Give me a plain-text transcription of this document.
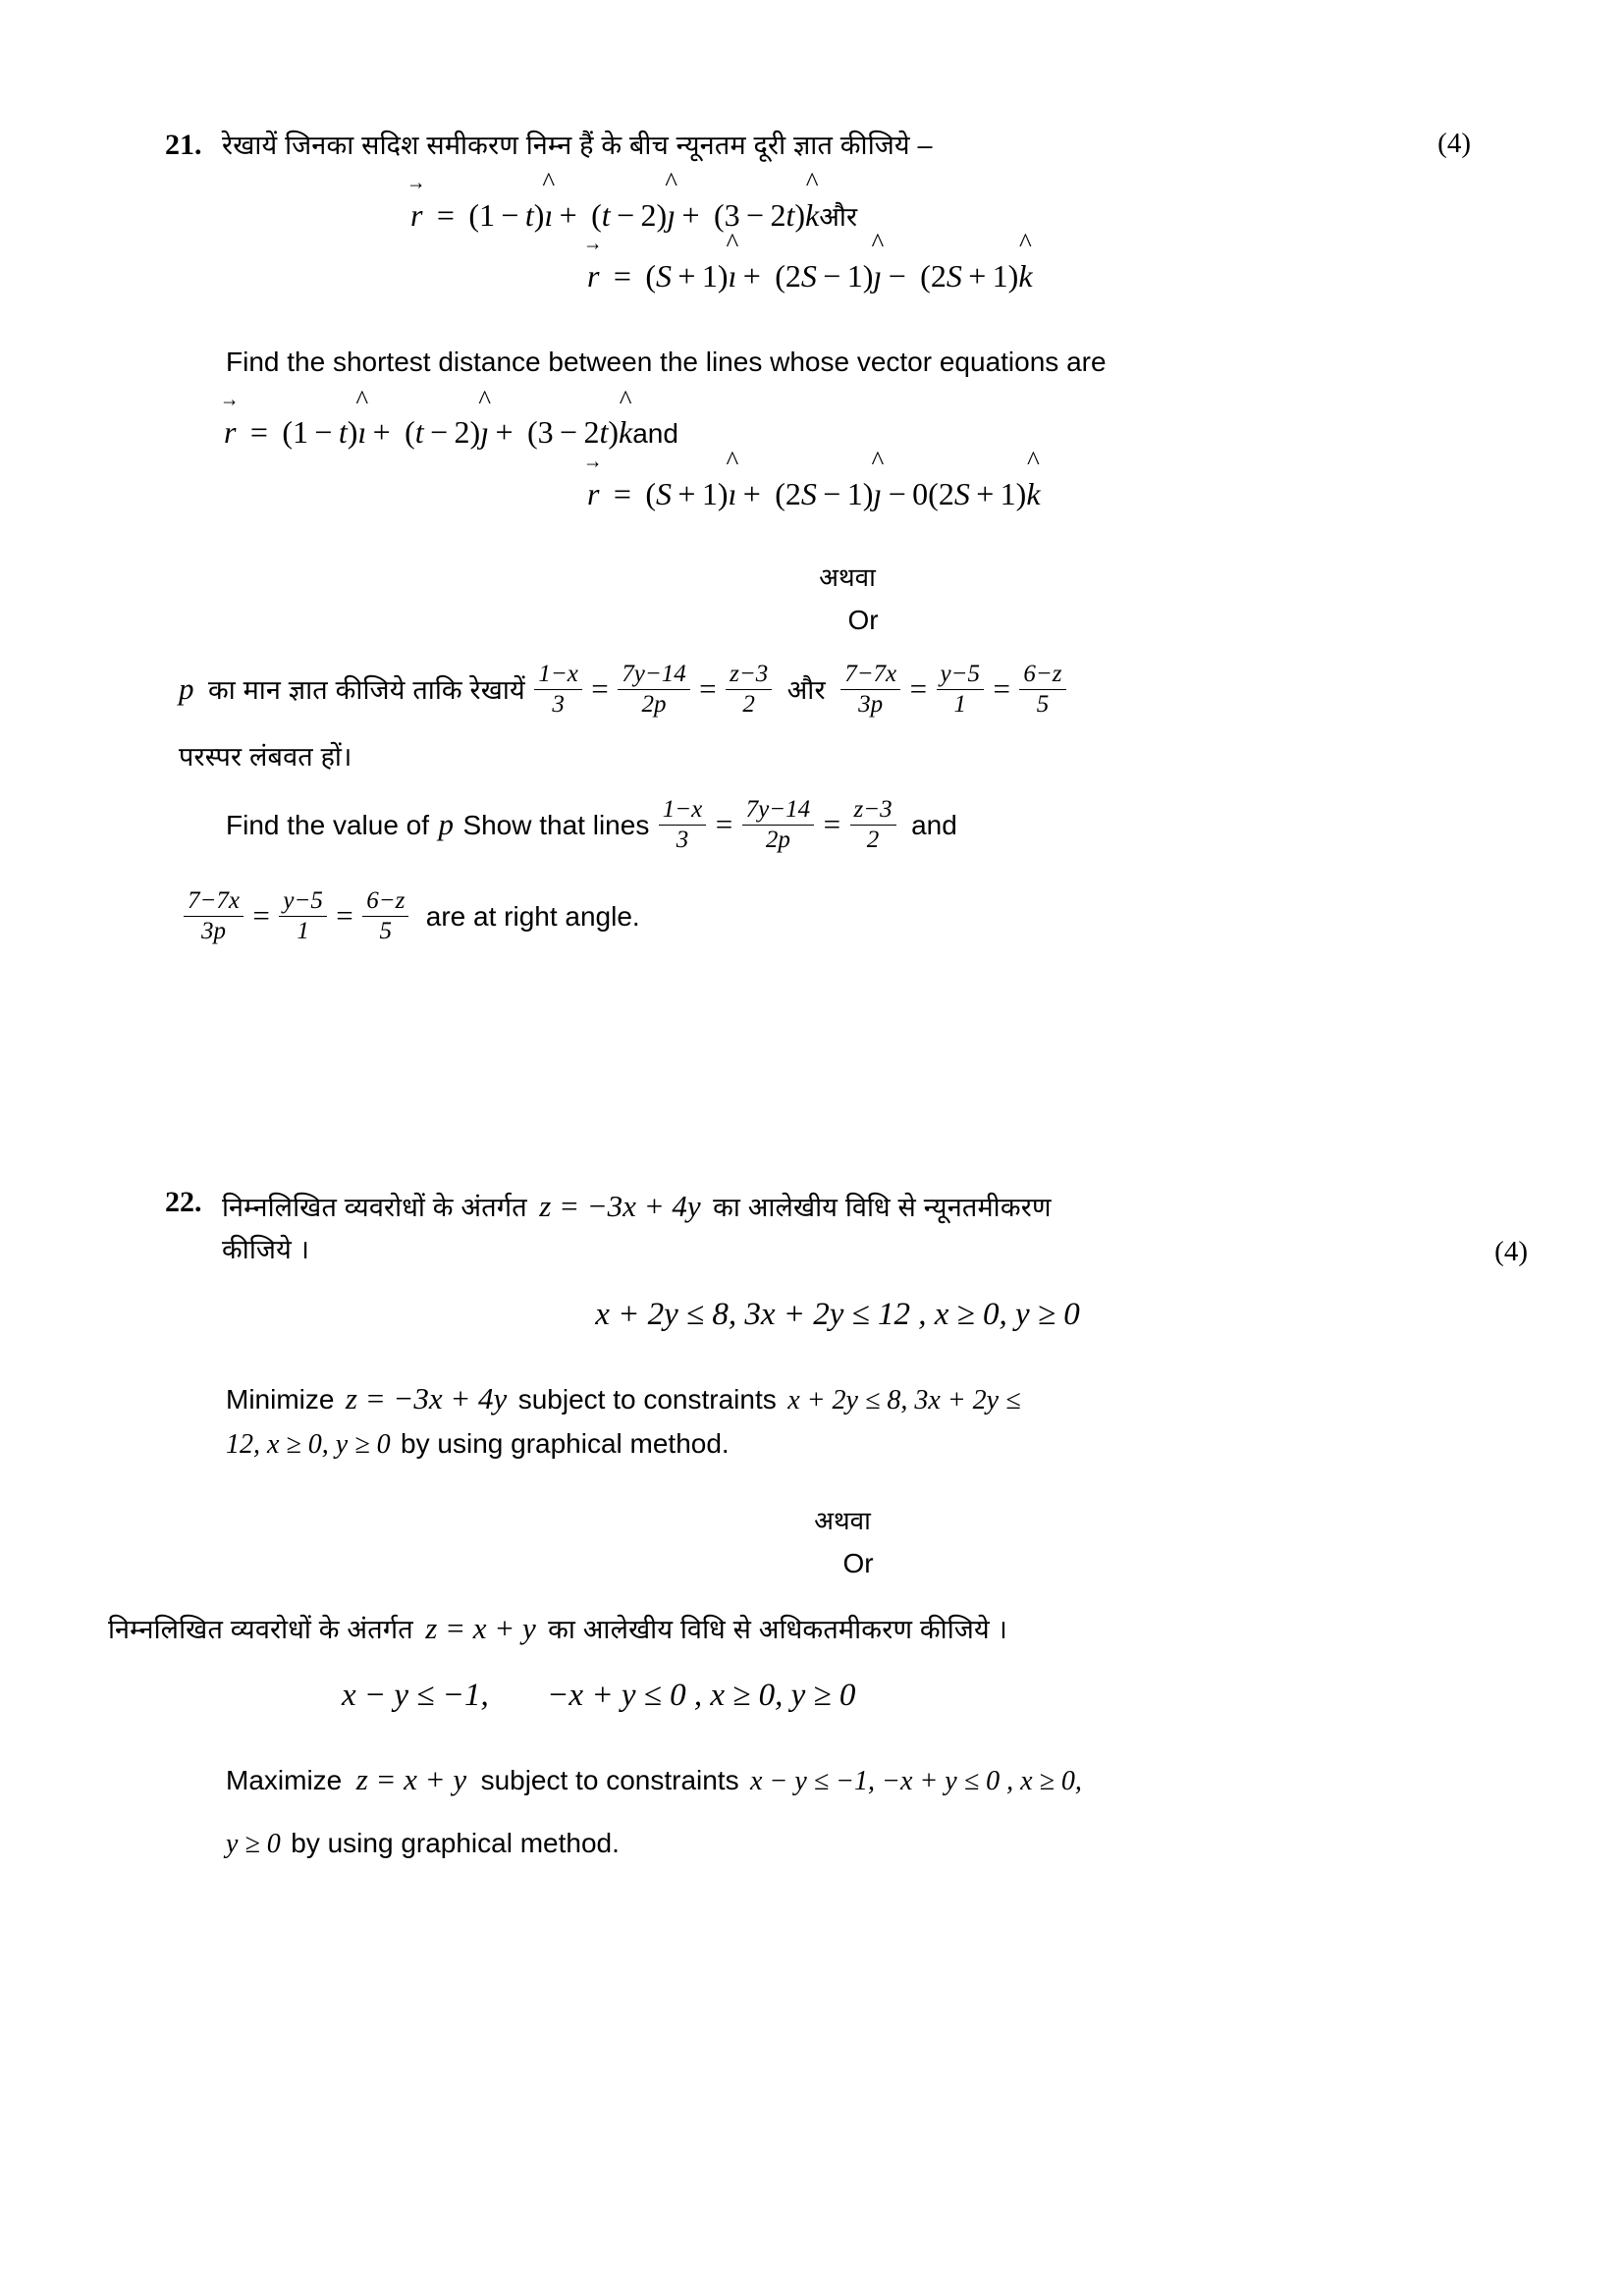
21. रेखायें जिनका सदिश समीकरण निम्न हैं के बीच न्यूनतम दूरी ज्ञात कीजिये –	(4)
r →  =  (1 − t)ı ^ +  (t − 2)ȷ ^ +  (3 − 2t)k ^और
r →  =  (S + 1)ı ^ +  (2S − 1)ȷ ^ −  (2S + 1)k ^
Find the shortest distance between the lines whose vector equations are
r →  =  (1 − t)ı ^ +  (t − 2)ȷ ^ +  (3 − 2t)k ^and
r →  =  (S + 1)ı ^ +  (2S − 1)ȷ ^ − 0(2S + 1)k ^
अथवा
Or
p का मान ज्ञात कीजिये ताकि रेखायें $\frac{1-x}{3} = \frac{7y-14}{2p} = \frac{z-3}{2}$ और $\frac{7-7x}{3p} = \frac{y-5}{1} = \frac{6-z}{5}$
परस्पर लंबवत हों।
Find the value of p Show that lines $\frac{1-x}{3} = \frac{7y-14}{2p} = \frac{z-3}{2}$ and
$\frac{7-7x}{3p} = \frac{y-5}{1} = \frac{6-z}{5}$ are at right angle.
22. निम्नलिखित व्यवरोधों के अंतर्गत z = −3x + 4y का आलेखीय विधि से न्यूनतमीकरण
कीजिये ।	(4)
x + 2y ≤ 8, 3x + 2y ≤ 12 , x ≥ 0, y ≥ 0
Minimize z = −3x + 4y subject to constraints x + 2y ≤ 8, 3x + 2y ≤
12, x ≥ 0, y ≥ 0 by using graphical method.
अथवा
Or
निम्नलिखित व्यवरोधों के अंतर्गत z = x + y का आलेखीय विधि से अधिकतमीकरण कीजिये ।
x − y ≤ −1, −x + y ≤ 0 , x ≥ 0, y ≥ 0
Maximize z = x + y subject to constraints x − y ≤ −1, −x + y ≤ 0 , x ≥ 0,
y ≥ 0 by using graphical method.
